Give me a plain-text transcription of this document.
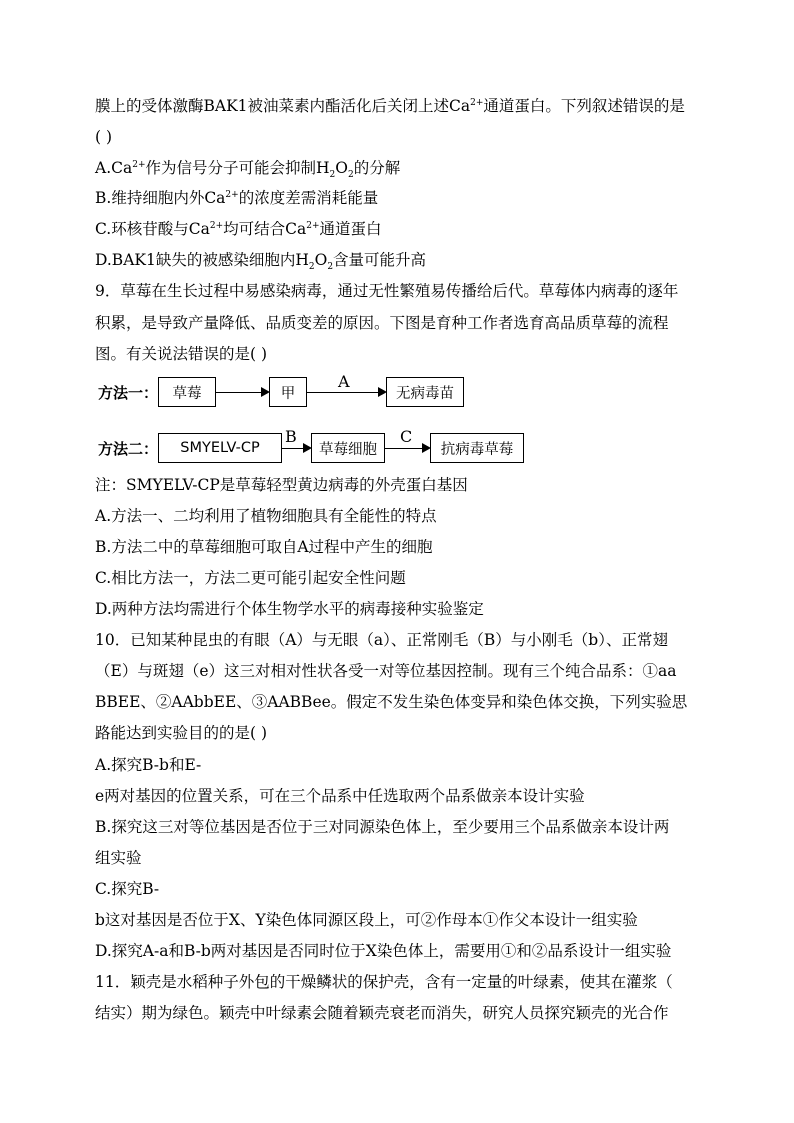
膜上的受体激酶BAK1被油菜素内酯活化后关闭上述$Ca^{2+}$通道蛋白。下列叙述错误的是
( )
$A.Ca^{2+}$作为信号分子可能会抑制$H_2O_2$的分解
B.维持细胞内外$Ca^{2+}$的浓度差需消耗能量
C.环核苷酸与$Ca^{2+}$均可结合$Ca^{2+}$通道蛋白
D.BAK1缺失的被感染细胞内$H_2O_2$含量可能升高
9．草莓在生长过程中易感染病毒，通过无性繁殖易传播给后代。草莓体内病毒的逐年
积累，是导致产量降低、品质变差的原因。下图是育种工作者选育高品质草莓的流程
图。有关说法错误的是( )
方法一： 草莓	甲
A
无病毒苗
方法二：	SMYELV-CP
B
草莓细胞
C
抗病毒草莓
注：SMYELV-CP是草莓轻型黄边病毒的外壳蛋白基因
A.方法一、二均利用了植物细胞具有全能性的特点
B.方法二中的草莓细胞可取自A过程中产生的细胞
C.相比方法一，方法二更可能引起安全性问题
D.两种方法均需进行个体生物学水平的病毒接种实验鉴定
10．已知某种昆虫的有眼（A）与无眼（a）、正常刚毛（B）与小刚毛（b）、正常翅
（E）与斑翅（e）这三对相对性状各受一对等位基因控制。现有三个纯合品系：①aa
BBEE、②AAbbEE、③AABBee。假定不发生染色体变异和染色体交换，下列实验思
路能达到实验目的的是( )
A.探究B-b和E-
e两对基因的位置关系，可在三个品系中任选取两个品系做亲本设计实验
B.探究这三对等位基因是否位于三对同源染色体上，至少要用三个品系做亲本设计两
组实验
C.探究B-
b这对基因是否位于X、Y染色体同源区段上，可②作母本①作父本设计一组实验
D.探究A-a和B-b两对基因是否同时位于X染色体上，需要用①和②品系设计一组实验
11．颖壳是水稻种子外包的干燥鳞状的保护壳，含有一定量的叶绿素，使其在灌浆（
结实）期为绿色。颖壳中叶绿素会随着颖壳衰老而消失，研究人员探究颖壳的光合作
